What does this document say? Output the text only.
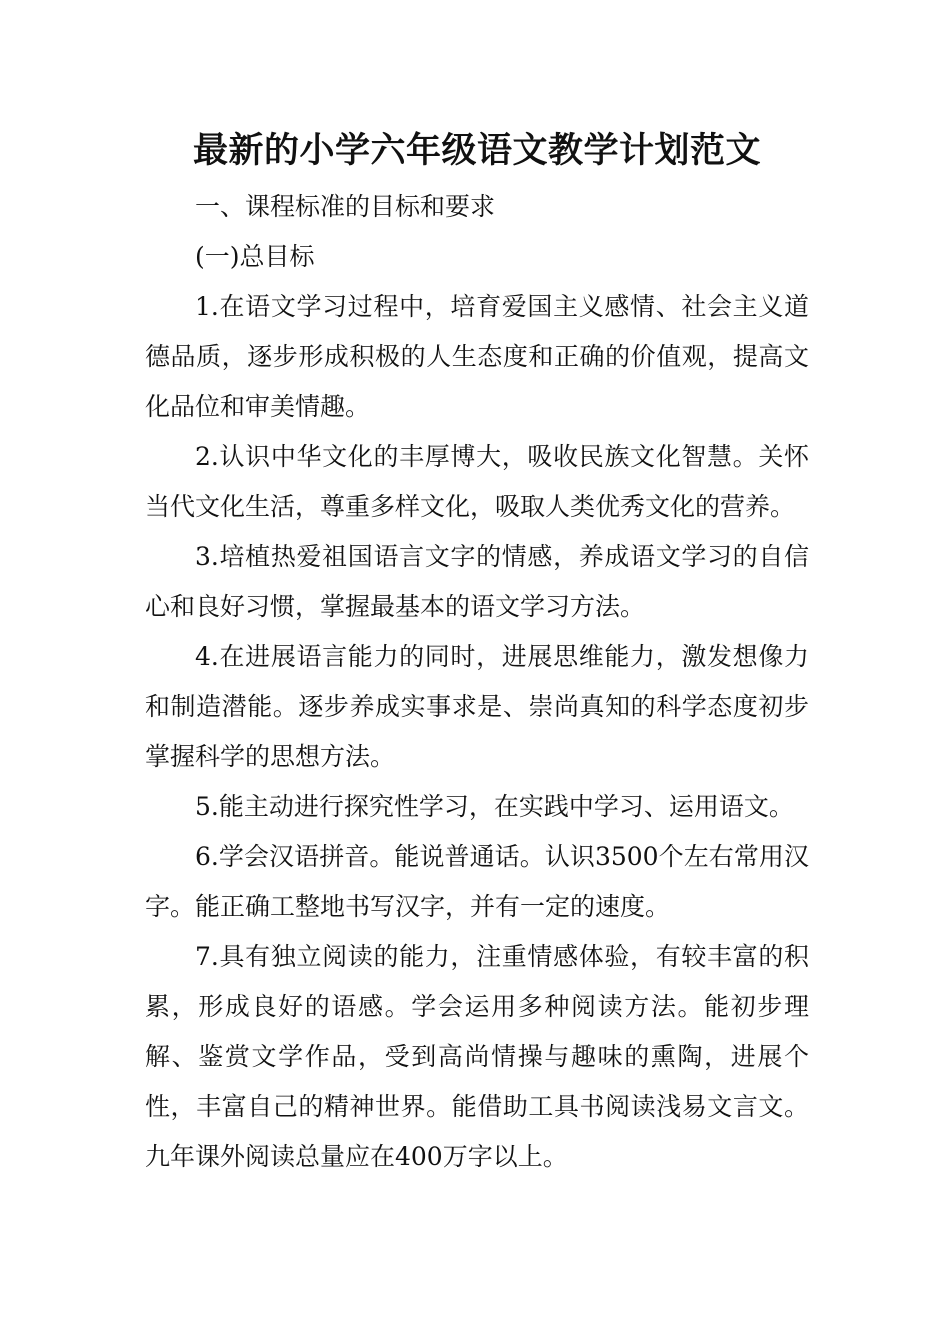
最新的小学六年级语文教学计划范文

一、课程标准的目标和要求

(一)总目标

1.在语文学习过程中，培育爱国主义感情、社会主义道德品质，逐步形成积极的人生态度和正确的价值观，提高文化品位和审美情趣。

2.认识中华文化的丰厚博大，吸收民族文化智慧。关怀当代文化生活，尊重多样文化，吸取人类优秀文化的营养。

3.培植热爱祖国语言文字的情感，养成语文学习的自信心和良好习惯，掌握最基本的语文学习方法。

4.在进展语言能力的同时，进展思维能力，激发想像力和制造潜能。逐步养成实事求是、崇尚真知的科学态度初步掌握科学的思想方法。

5.能主动进行探究性学习，在实践中学习、运用语文。

6.学会汉语拼音。能说普通话。认识3500个左右常用汉字。能正确工整地书写汉字，并有一定的速度。

7.具有独立阅读的能力，注重情感体验，有较丰富的积累，形成良好的语感。学会运用多种阅读方法。能初步理解、鉴赏文学作品，受到高尚情操与趣味的熏陶，进展个性，丰富自己的精神世界。能借助工具书阅读浅易文言文。九年课外阅读总量应在400万字以上。
